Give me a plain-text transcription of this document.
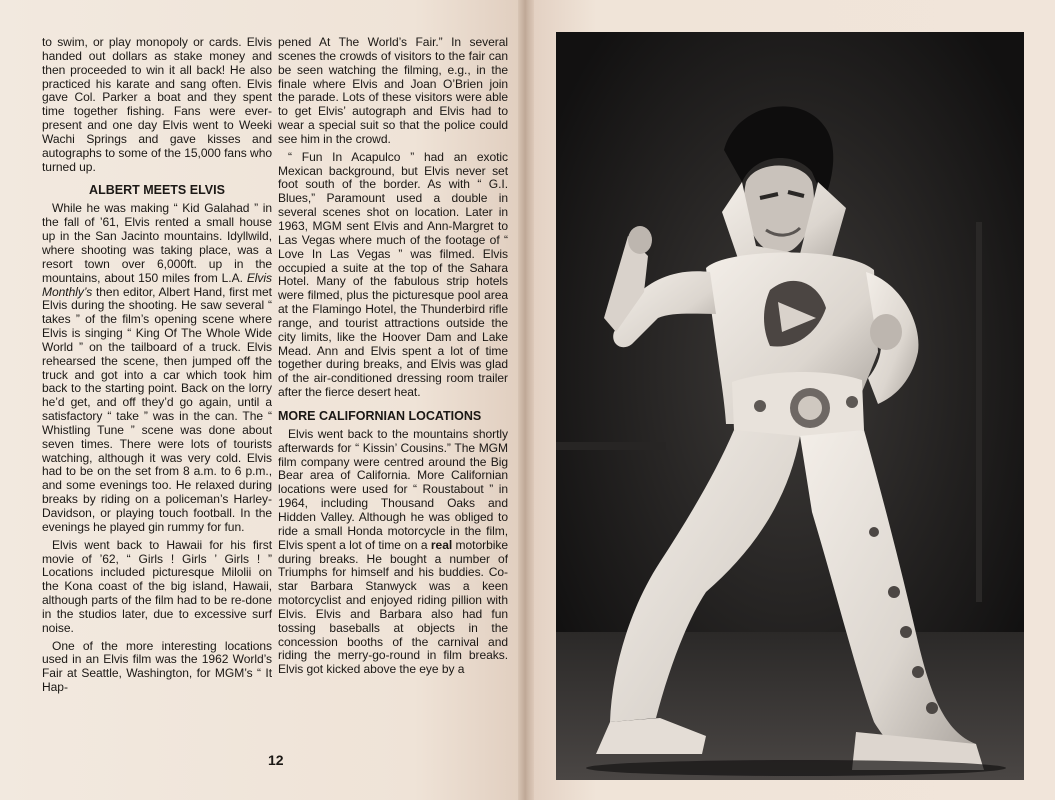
to swim, or play monopoly or cards. Elvis handed out dollars as stake money and then proceeded to win it all back! He also practiced his karate and sang often. Elvis gave Col. Parker a boat and they spent time together fishing. Fans were ever-present and one day Elvis went to Weeki Wachi Springs and gave kisses and autographs to some of the 15,000 fans who turned up.

ALBERT MEETS ELVIS

While he was making “ Kid Galahad ” in the fall of ’61, Elvis rented a small house up in the San Jacinto mountains. Idyllwild, where shooting was taking place, was a resort town over 6,000ft. up in the mountains, about 150 miles from L.A. Elvis Monthly’s then editor, Albert Hand, first met Elvis during the shooting. He saw several “ takes ” of the film’s opening scene where Elvis is singing “ King Of The Whole Wide World ” on the tailboard of a truck. Elvis rehearsed the scene, then jumped off the truck and got into a car which took him back to the starting point. Back on the lorry he’d get, and off they’d go again, until a satisfactory “ take ” was in the can. The “ Whistling Tune ” scene was done about seven times. There were lots of tourists watching, although it was very cold. Elvis had to be on the set from 8 a.m. to 6 p.m., and some evenings too. He relaxed during breaks by riding on a policeman’s Harley-Davidson, or playing touch football. In the evenings he played gin rummy for fun.

Elvis went back to Hawaii for his first movie of ’62, “ Girls ! Girls ’ Girls ! ” Locations included picturesque Milolii on the Kona coast of the big island, Hawaii, although parts of the film had to be re-done in the studios later, due to excessive surf noise.

One of the more interesting locations used in an Elvis film was the 1962 World’s Fair at Seattle, Washington, for MGM’s “ It Hap-

pened At The World’s Fair.” In several scenes the crowds of visitors to the fair can be seen watching the filming, e.g., in the finale where Elvis and Joan O’Brien join the parade. Lots of these visitors were able to get Elvis’ autograph and Elvis had to wear a special suit so that the police could see him in the crowd.

“ Fun In Acapulco ” had an exotic Mexican background, but Elvis never set foot south of the border. As with “ G.I. Blues,” Paramount used a double in several scenes shot on location. Later in 1963, MGM sent Elvis and Ann-Margret to Las Vegas where much of the footage of “ Love In Las Vegas ” was filmed. Elvis occupied a suite at the top of the Sahara Hotel. Many of the fabulous strip hotels were filmed, plus the picturesque pool area at the Flamingo Hotel, the Thunderbird rifle range, and tourist attractions outside the city limits, like the Hoover Dam and Lake Mead. Ann and Elvis spent a lot of time together during breaks, and Elvis was glad of the air-conditioned dressing room trailer after the fierce desert heat.

MORE CALIFORNIAN LOCATIONS

Elvis went back to the mountains shortly afterwards for “ Kissin’ Cousins.” The MGM film company were centred around the Big Bear area of California. More Californian locations were used for “ Roustabout ” in 1964, including Thousand Oaks and Hidden Valley. Although he was obliged to ride a small Honda motorcycle in the film, Elvis spent a lot of time on a real motorbike during breaks. He bought a number of Triumphs for himself and his buddies. Co-star Barbara Stanwyck was a keen motorcyclist and enjoyed riding pillion with Elvis. Elvis and Barbara also had fun tossing baseballs at objects in the concession booths of the carnival and riding the merry-go-round in film breaks. Elvis got kicked above the eye by a

12
